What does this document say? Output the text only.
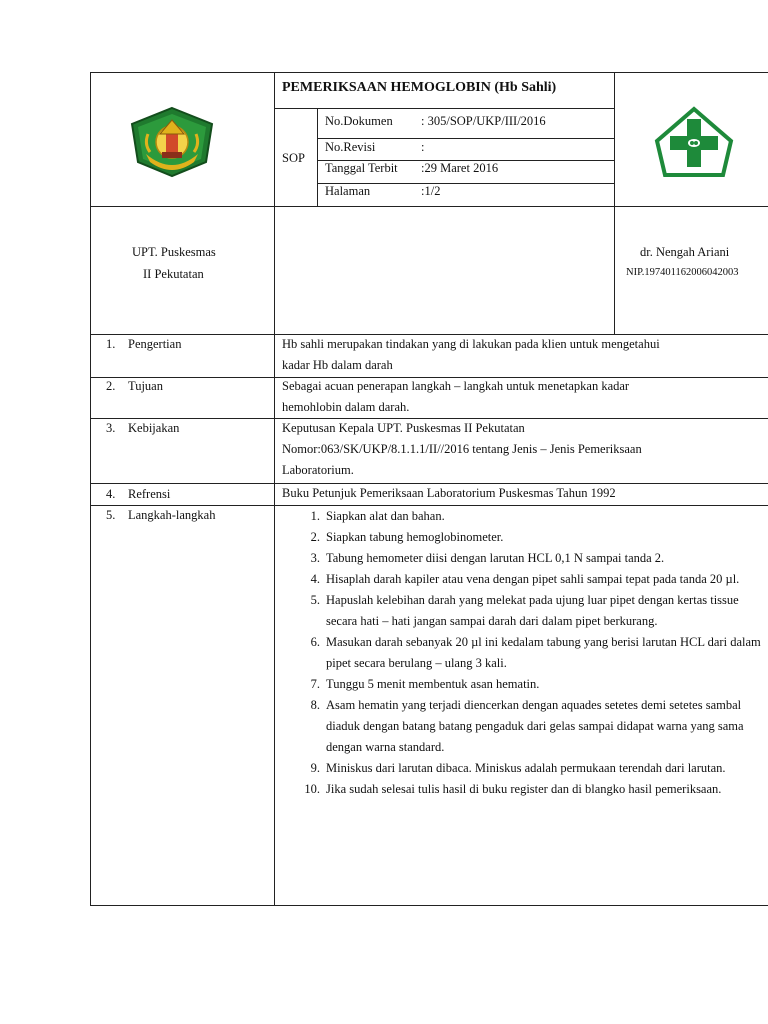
PEMERIKSAAN HEMOGLOBIN (Hb Sahli)
SOP
No.Dokumen : 305/SOP/UKP/III/2016
No.Revisi	:
Tanggal Terbit :29 Maret 2016
Halaman	:1/2
UPT. Puskesmas
II Pekutatan
dr. Nengah Ariani
NIP.197401162006042003
1. Pengertian	Hb sahli merupakan tindakan yang di lakukan pada klien untuk mengetahui
kadar Hb dalam darah
2. Tujuan	Sebagai acuan penerapan langkah – langkah untuk menetapkan kadar
hemohlobin dalam darah.
3. Kebijakan	Keputusan Kepala UPT. Puskesmas II Pekutatan
Nomor:063/SK/UKP/8.1.1.1/II//2016 tentang Jenis – Jenis Pemeriksaan
Laboratorium.
4. Refrensi	Buku Petunjuk Pemeriksaan Laboratorium Puskesmas Tahun 1992
5. Langkah-langkah	1. Siapkan alat dan bahan.
2. Siapkan tabung hemoglobinometer.
3. Tabung hemometer diisi dengan larutan HCL 0,1 N sampai tanda 2.
4. Hisaplah darah kapiler atau vena dengan pipet sahli sampai tepat pada tanda 20 µl.
5. Hapuslah kelebihan darah yang melekat pada ujung luar pipet dengan kertas tissue secara hati – hati jangan sampai darah dari dalam pipet berkurang.
6. Masukan darah sebanyak 20 µl ini kedalam tabung yang berisi larutan HCL dari dalam pipet secara berulang – ulang 3 kali.
7. Tunggu 5 menit membentuk asan hematin.
8. Asam hematin yang terjadi diencerkan dengan aquades setetes demi setetes sambal diaduk dengan batang batang pengaduk dari gelas sampai didapat warna yang sama dengan warna standard.
9. Miniskus dari larutan dibaca. Miniskus adalah permukaan terendah dari larutan.
10. Jika sudah selesai tulis hasil di buku register dan di blangko hasil pemeriksaan.
